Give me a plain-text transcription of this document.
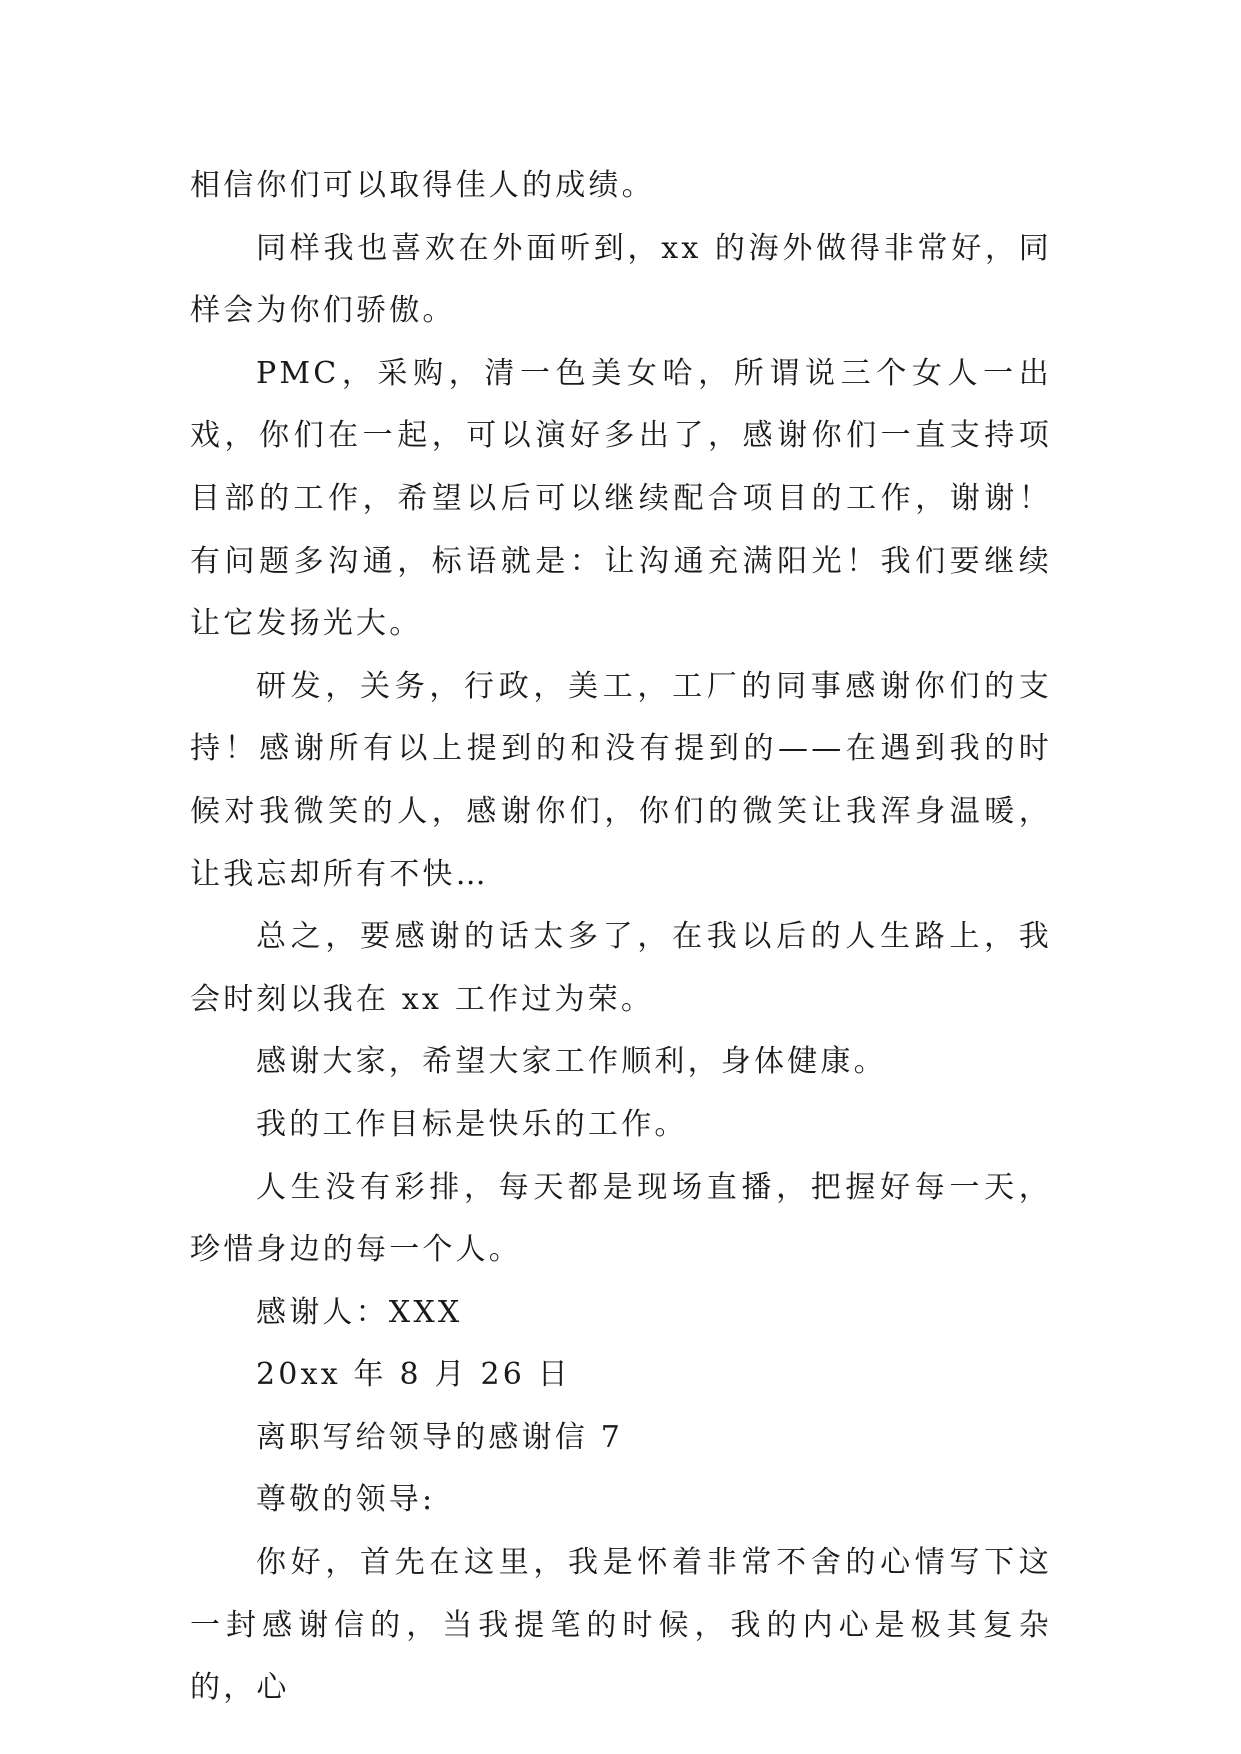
相信你们可以取得佳人的成绩。

同样我也喜欢在外面听到，xx 的海外做得非常好，同样会为你们骄傲。

PMC，采购，清一色美女哈，所谓说三个女人一出戏，你们在一起，可以演好多出了，感谢你们一直支持项目部的工作，希望以后可以继续配合项目的工作，谢谢！有问题多沟通，标语就是：让沟通充满阳光！我们要继续让它发扬光大。

研发，关务，行政，美工，工厂的同事感谢你们的支持！感谢所有以上提到的和没有提到的——在遇到我的时候对我微笑的人，感谢你们，你们的微笑让我浑身温暖，让我忘却所有不快…

总之，要感谢的话太多了，在我以后的人生路上，我会时刻以我在 xx 工作过为荣。

感谢大家，希望大家工作顺利，身体健康。

我的工作目标是快乐的工作。

人生没有彩排，每天都是现场直播，把握好每一天，珍惜身边的每一个人。

感谢人：XXX

20xx 年 8 月 26 日

离职写给领导的感谢信 7

尊敬的领导:

你好，首先在这里，我是怀着非常不舍的心情写下这一封感谢信的，当我提笔的时候，我的内心是极其复杂的，心
